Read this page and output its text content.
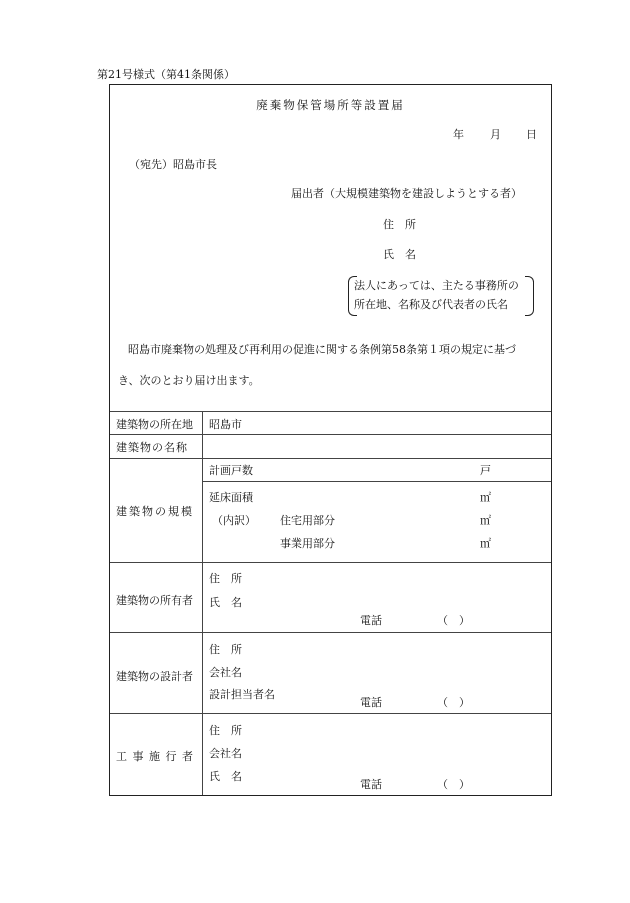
第21号様式（第41条関係）
廃棄物保管場所等設置届
年 月 日
（宛先）昭島市長
届出者（大規模建築物を建設しようとする者）
住　所
氏　名
法人にあっては、主たる事務所の
所在地、名称及び代表者の氏名
昭島市廃棄物の処理及び再利用の促進に関する条例第58条第１項の規定に基づ
き、次のとおり届け出ます。
建築物の所在地 昭島市
建築物の名称
建築物の規模
計画戸数	戸
延床面積	㎡
（内訳） 住宅用部分	㎡
事業用部分	㎡
建築物の所有者
住　所
氏　名
電話	（　）
建築物の設計者
住　所
会社名
設計担当者名
電話	（　）
工 事 施 行 者
住　所
会社名
氏　名
電話	（　）
